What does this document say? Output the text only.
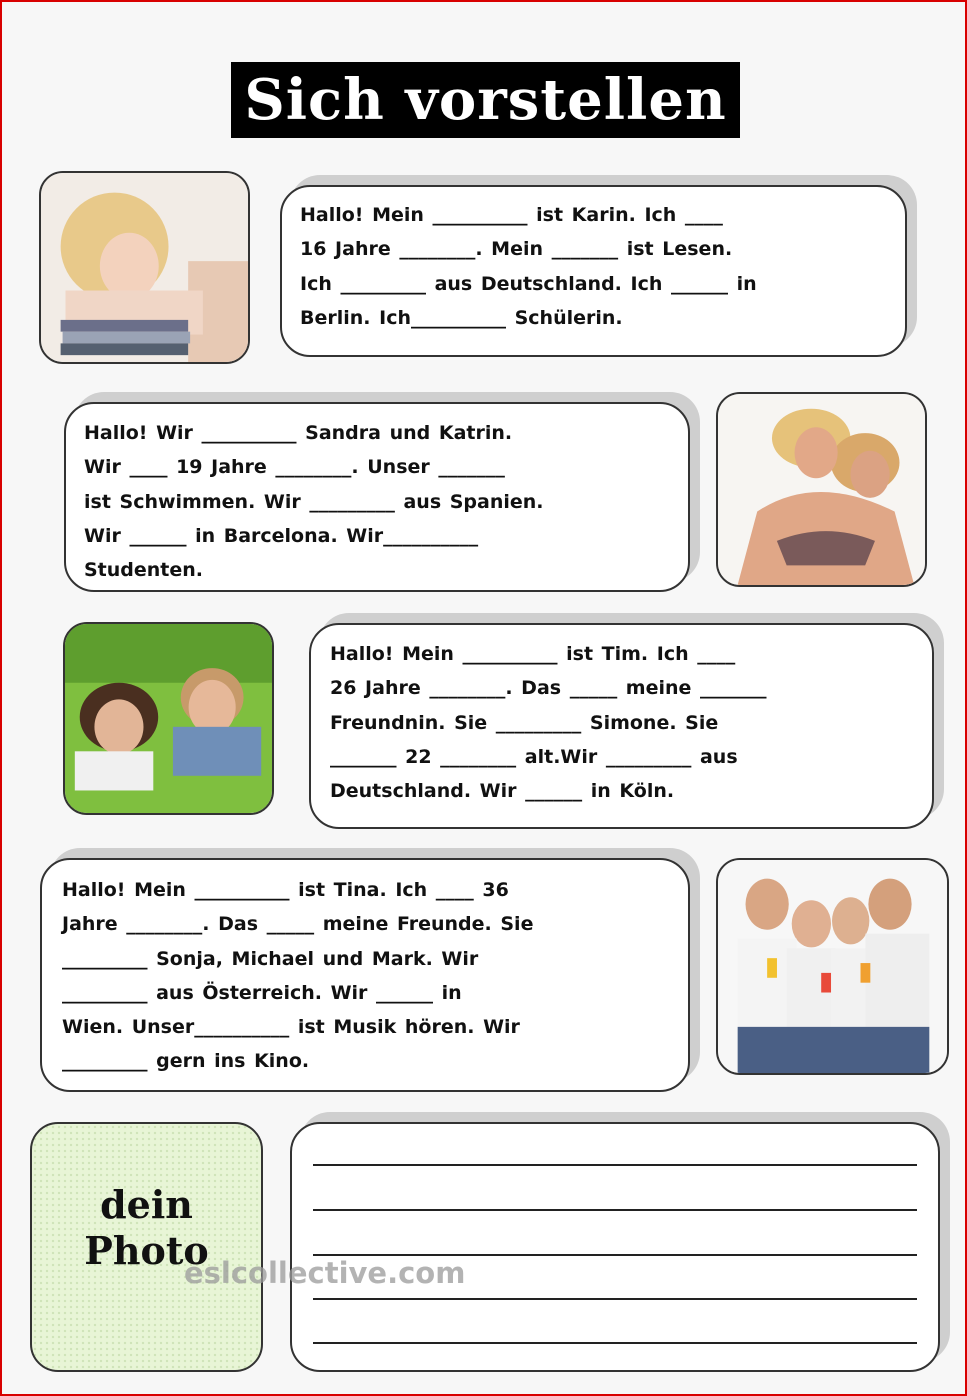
Sich vorstellen
Hallo! Mein __________ ist Karin. Ich ____
16 Jahre ________. Mein _______ ist Lesen.
Ich _________ aus Deutschland. Ich ______ in
Berlin. Ich__________ Schülerin.
Hallo! Wir __________ Sandra und Katrin.
Wir ____ 19 Jahre ________. Unser _______
ist Schwimmen. Wir _________ aus Spanien.
Wir ______ in Barcelona. Wir__________
Studenten.
Hallo! Mein __________ ist Tim. Ich ____
26 Jahre ________. Das _____ meine _______
Freundnin. Sie _________ Simone. Sie
_______ 22 ________ alt.Wir _________ aus
Deutschland. Wir ______ in Köln.
Hallo! Mein __________ ist Tina. Ich ____ 36
Jahre ________. Das _____ meine Freunde. Sie
_________ Sonja, Michael und Mark. Wir
_________ aus Österreich. Wir ______ in
Wien. Unser__________ ist Musik hören. Wir
_________ gern ins Kino.
dein
Photo
eslcollective.com
